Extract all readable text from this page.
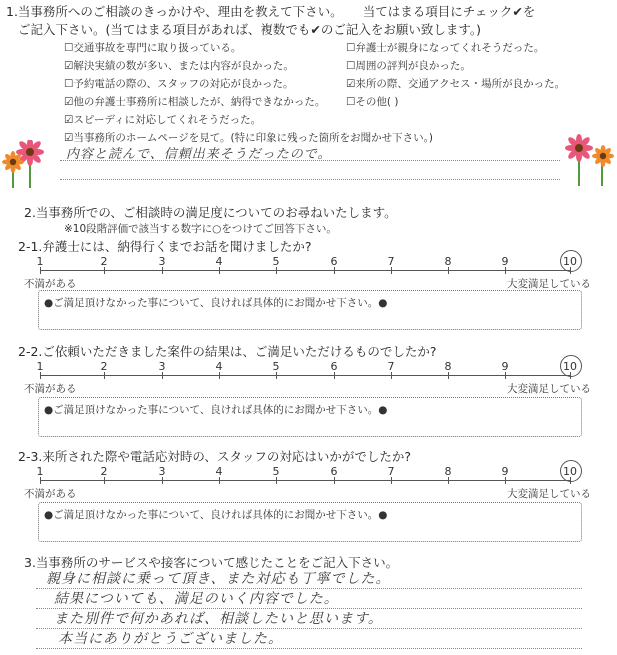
1.当事務所へのご相談のきっかけや、理由を教えて下さい。 当てはまる項目にチェック✔を
ご記入下さい。(当てはまる項目があれば、複数でも✔のご記入をお願い致します。)
☐交通事故を専門に取り扱っている。
☑解決実績の数が多い、または内容が良かった。
☐予約電話の際の、スタッフの対応が良かった。
☑他の弁護士事務所に相談したが、納得できなかった。
☑スピーディに対応してくれそうだった。
☑当事務所のホームページを見て。(特に印象に残った箇所をお聞かせ下さい。)
☐弁護士が親身になってくれそうだった。
☐周囲の評判が良かった。
☑来所の際、交通アクセス・場所が良かった。
☐その他( )
内容と読んで、信頼出来そうだったので。
2.当事務所での、ご相談時の満足度についてのお尋ねいたします。
※10段階評価で該当する数字に○をつけてご回答下さい。
2-1.弁護士には、納得行くまでお話を聞けましたか?
1	2	3	4	5	6	7	8	9	10
不満がある	大変満足している
●ご満足頂けなかった事について、良ければ具体的にお聞かせ下さい。●
2-2.ご依頼いただきました案件の結果は、ご満足いただけるものでしたか?
1	2	3	4	5	6	7	8	9	10
不満がある	大変満足している
●ご満足頂けなかった事について、良ければ具体的にお聞かせ下さい。●
2-3.来所された際や電話応対時の、スタッフの対応はいかがでしたか?
1	2	3	4	5	6	7	8	9	10
不満がある	大変満足している
●ご満足頂けなかった事について、良ければ具体的にお聞かせ下さい。●
3.当事務所のサービスや接客について感じたことをご記入下さい。
親身に相談に乗って頂き、また対応も丁寧でした。
結果についても、満足のいく内容でした。
また別件で何かあれば、相談したいと思います。
本当にありがとうございました。
